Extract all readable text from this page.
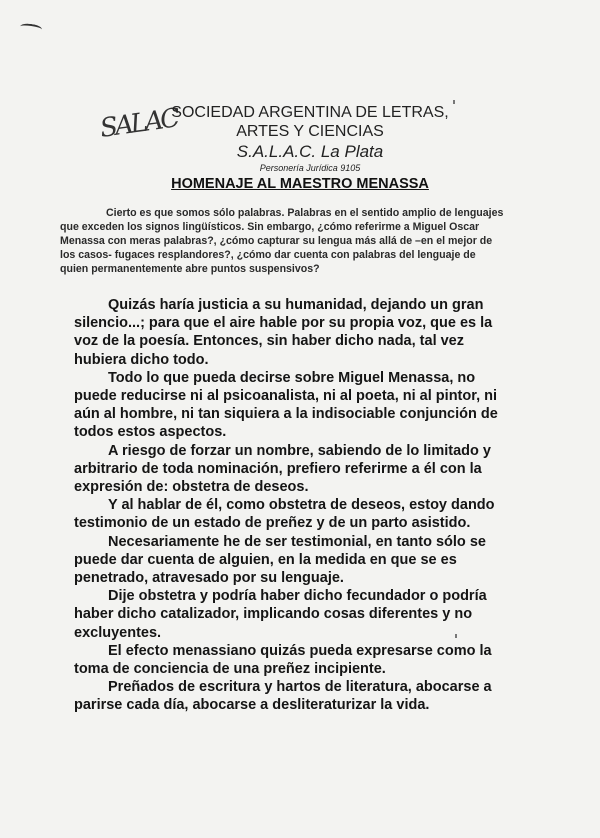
SALAC
SOCIEDAD ARGENTINA DE LETRAS,
ARTES Y CIENCIAS
S.A.L.A.C. La Plata
Personería Jurídica 9105
HOMENAJE AL MAESTRO MENASSA

Cierto es que somos sólo palabras. Palabras en el sentido amplio de lenguajes que exceden los signos lingüísticos. Sin embargo, ¿cómo referirme a Miguel Oscar Menassa con meras palabras?, ¿cómo capturar su lengua más allá de –en el mejor de los casos- fugaces resplandores?, ¿cómo dar cuenta con palabras del lenguaje de quien permanentemente abre puntos suspensivos?

Quizás haría justicia a su humanidad, dejando un gran silencio...; para que el aire hable por su propia voz, que es la voz de la poesía. Entonces, sin haber dicho nada, tal vez hubiera dicho todo.

Todo lo que pueda decirse sobre Miguel Menassa, no puede reducirse ni al psicoanalista, ni al poeta, ni al pintor, ni aún al hombre, ni tan siquiera a la indisociable conjunción de todos estos aspectos.

A riesgo de forzar un nombre, sabiendo de lo limitado y arbitrario de toda nominación, prefiero referirme a él con la expresión de: obstetra de deseos.

Y al hablar de él, como obstetra de deseos, estoy dando testimonio de un estado de preñez y de un parto asistido.

Necesariamente he de ser testimonial, en tanto sólo se puede dar cuenta de alguien, en la medida en que se es penetrado, atravesado por su lenguaje.

Dije obstetra y podría haber dicho fecundador o podría haber dicho catalizador, implicando cosas diferentes y no excluyentes.

El efecto menassiano quizás pueda expresarse como la toma de conciencia de una preñez incipiente.

Preñados de escritura y hartos de literatura, abocarse a parirse cada día, abocarse a desliteraturizar la vida.
